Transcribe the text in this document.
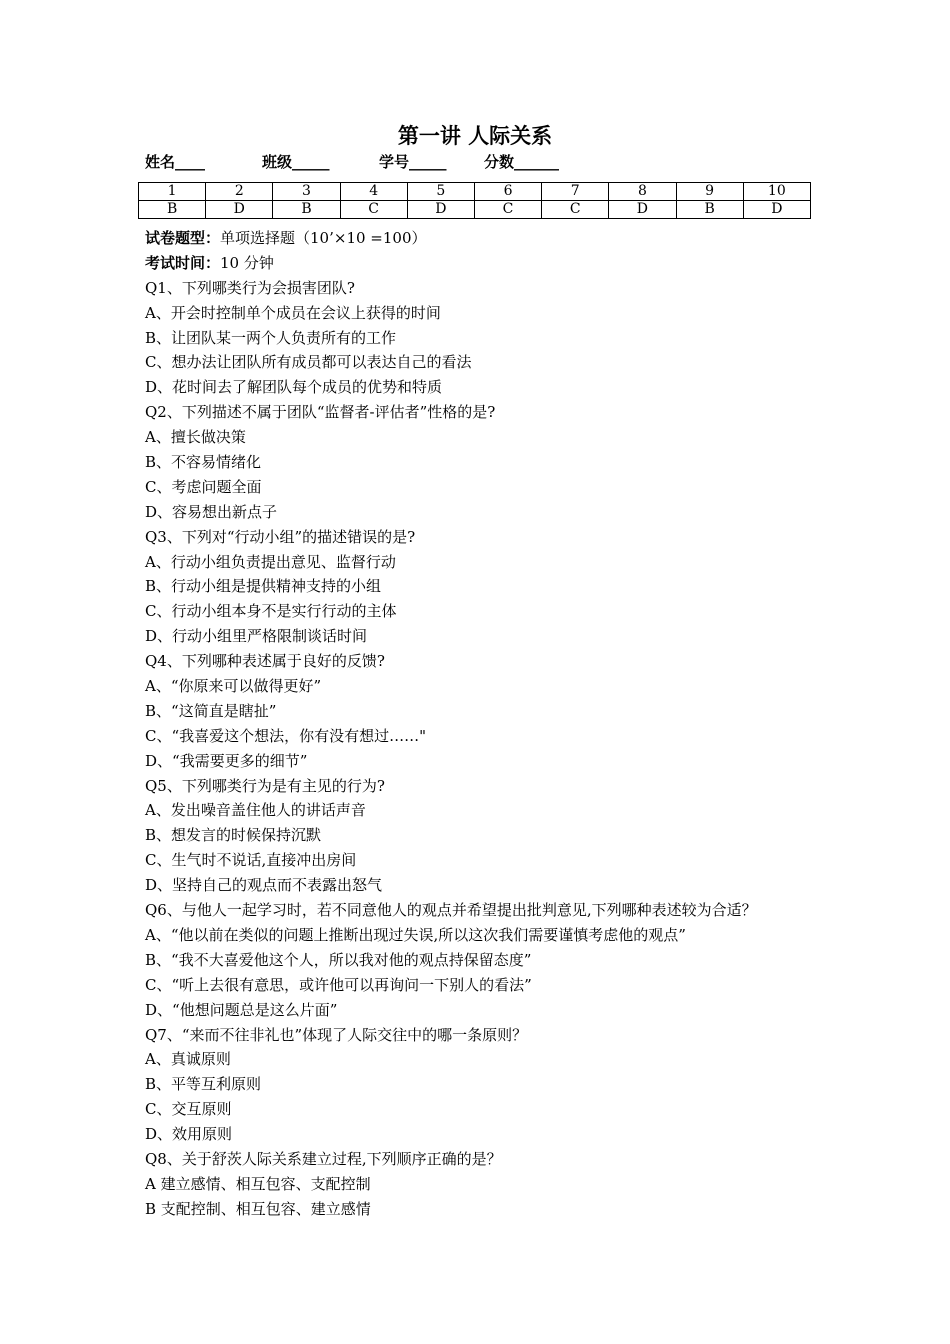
第一讲 人际关系
姓名____	班级_____	学号_____ 分数______
1	2	3	4	5	6	7	8	9	10
B	D	B	C	D	C	C	D	B	D
试卷题型：单项选择题（10’×10 =100）
考试时间：10 分钟
Q1、下列哪类行为会损害团队?
A、开会时控制单个成员在会议上获得的时间
B、让团队某一两个人负责所有的工作
C、想办法让团队所有成员都可以表达自己的看法
D、花时间去了解团队每个成员的优势和特质
Q2、下列描述不属于团队“监督者-评估者”性格的是?
A、擅长做决策
B、不容易情绪化
C、考虑问题全面
D、容易想出新点子
Q3、下列对“行动小组”的描述错误的是?
A、行动小组负责提出意见、监督行动
B、行动小组是提供精神支持的小组
C、行动小组本身不是实行行动的主体
D、行动小组里严格限制谈话时间
Q4、下列哪种表述属于良好的反馈?
A、“你原来可以做得更好”
B、“这简直是瞎扯”
C、“我喜爱这个想法，你有没有想过……"
D、“我需要更多的细节”
Q5、下列哪类行为是有主见的行为?
A、发出噪音盖住他人的讲话声音
B、想发言的时候保持沉默
C、生气时不说话,直接冲出房间
D、坚持自己的观点而不表露出怒气
Q6、与他人一起学习时，若不同意他人的观点并希望提出批判意见,下列哪种表述较为合适？
A、“他以前在类似的问题上推断出现过失误,所以这次我们需要谨慎考虑他的观点”
B、“我不大喜爱他这个人，所以我对他的观点持保留态度”
C、“听上去很有意思，或许他可以再询问一下别人的看法”
D、“他想问题总是这么片面”
Q7、“来而不往非礼也”体现了人际交往中的哪一条原则？
A、真诚原则
B、平等互利原则
C、交互原则
D、效用原则
Q8、关于舒茨人际关系建立过程,下列顺序正确的是？
A 建立感情、相互包容、支配控制
B 支配控制、相互包容、建立感情
